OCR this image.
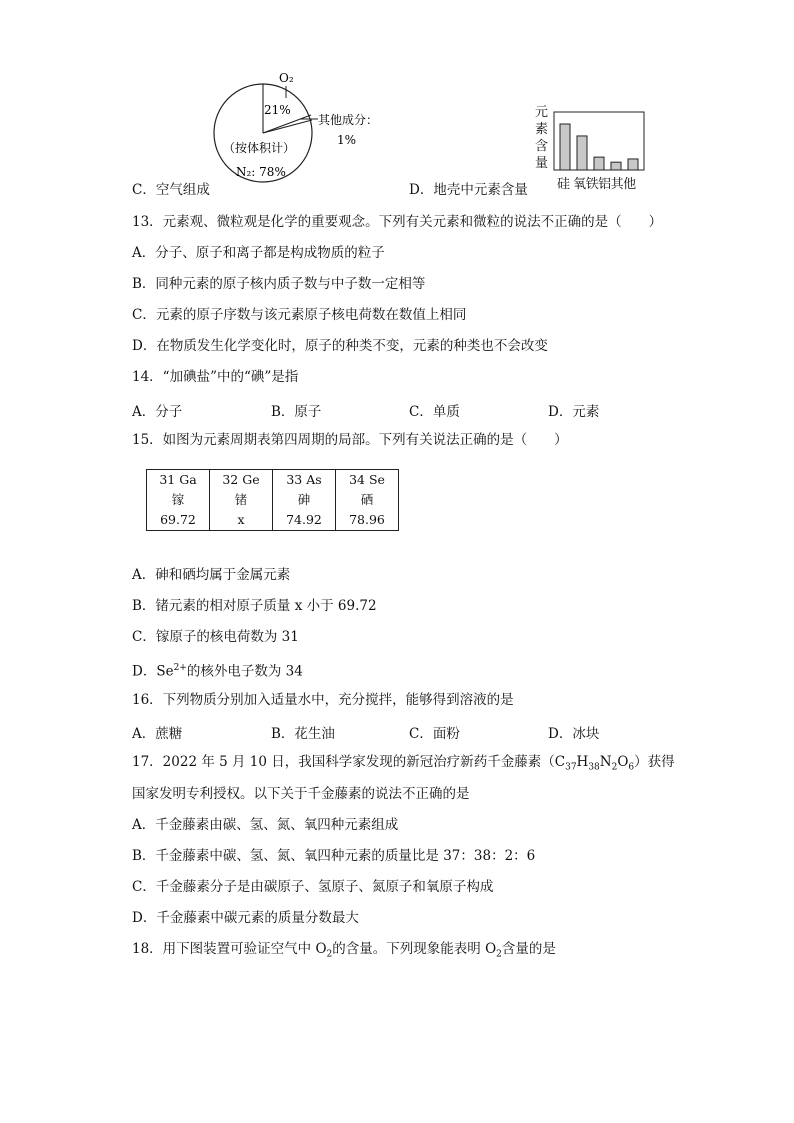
O₂
21%
其他成分：
1%
（按体积计）
N₂: 78%
元
素
含
量
硅 氧铁铝其他
C．空气组成	D．地壳中元素含量
13．元素观、微粒观是化学的重要观念。下列有关元素和微粒的说法不正确的是（　　）
A．分子、原子和离子都是构成物质的粒子
B．同种元素的原子核内质子数与中子数一定相等
C．元素的原子序数与该元素原子核电荷数在数值上相同
D．在物质发生化学变化时，原子的种类不变，元素的种类也不会改变
14．“加碘盐”中的“碘”是指
A．分子	B．原子	C．单质	D．元素
15．如图为元素周期表第四周期的局部。下列有关说法正确的是（　　）
31 Ga
镓
69.72

32 Ge
锗
x

33 As
砷
74.92

34 Se
硒
78.96
A．砷和硒均属于金属元素
B．锗元素的相对原子质量 x 小于 69.72
C．镓原子的核电荷数为 31
D．$Se^{2+}$的核外电子数为 34
16．下列物质分别加入适量水中，充分搅拌，能够得到溶液的是
A．蔗糖	B．花生油	C．面粉	D．冰块
17．2022 年 5 月 10 日，我国科学家发现的新冠治疗新药千金藤素$(C_{37}H_{38}N_2O_6)$获得
国家发明专利授权。以下关于千金藤素的说法不正确的是
A．千金藤素由碳、氢、氮、氧四种元素组成
B．千金藤素中碳、氢、氮、氧四种元素的质量比是 37：38：2：6
C．千金藤素分子是由碳原子、氢原子、氮原子和氧原子构成
D．千金藤素中碳元素的质量分数最大
18．用下图装置可验证空气中 $O_2$的含量。下列现象能表明 $O_2$含量的是
